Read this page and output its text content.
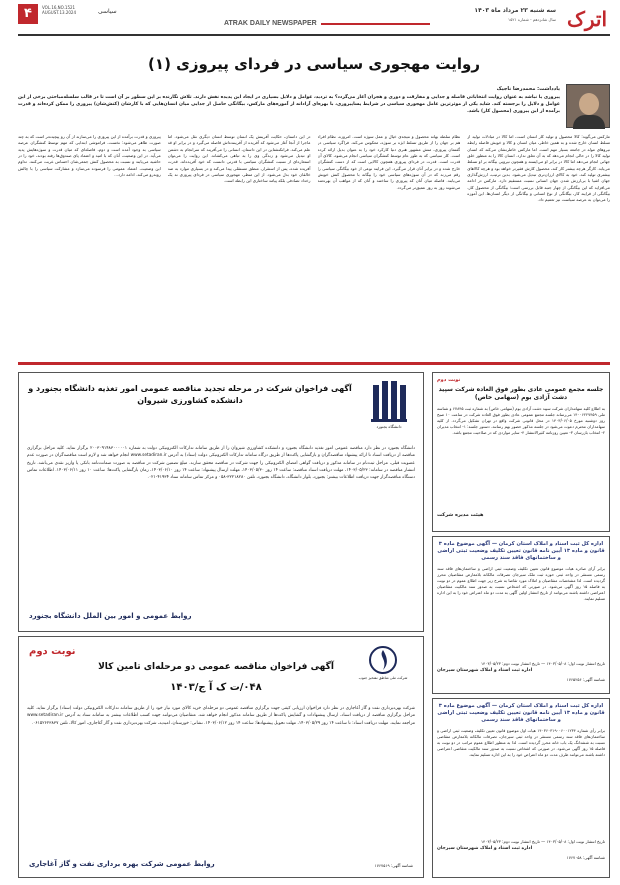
اترک
سه شنبه ۲۳ مرداد ماه ۱۴۰۳
سال شانزدهم - شماره ۱۵۲۱
ATRAK DAILY NEWSPAPER
سیاسی
VOL.16,NO.1521
AUGUST.13.2024
۴
روایت مهجوری سیاسی در فردای پیروزی (۱)
یادداشت: محمدرضا ناجیک
پیروزی یا نباشد به عنوان روایت انتخاباتی فاصله و جدایی و مفارقت و دوری و هجران آغاز می‌گردد؟ به تردید، عوامل و دلایل بسیاری در ایجاد این پدیده نقش دارند. تلاش نگارنده بر این سطور بر آن است تا در قالب سلسله‌مباحثی برخی از این عوامل و دلایل را برجسته کند. شاید یکی از موثرترین عامل مهجوری سیاسی در شرایط پساپیروزی، با بهره‌ای آزادانه از آموزه‌های مارکس، بیگانگی حاصل از جدایی میان انسان‌هایی که با کارشان (کنش‌شان) پیروزی را ممکن کرده‌اند و قدرت برآمده از این پیروزی (محصول کار) باشد.
مارکس می‌گوید: کالا محصول و تولید کار انسان است، اما کالا در مبادلات تولید از تسلط انسان خارج شده و به همین خاطر، میان انسان و کالا و خویش فاصله رابطه نیروهای مولد در جامعه بسیار مهم است. اما مارکس خاطرنشان می‌کند که انسان تولید کالا را در حالی انجام می‌دهد که به آن تعلق ندارد. انسان کالا را به منظور خلق جهانی انجام می‌دهد اما کالا در برابر او می‌ایستد و همچون نیرویی بیگانه بر او تسلط می‌یابد. کارگر هرچه بیشتر کار کند، محصول کارش فقیرتر خواهد بود و هرچه کالاهای بیشتری تولید کند، خود به کالای ارزان‌تری تبدیل می‌شود. بدین ترتیب، ارزش‌گذاری جهان اشیا با بی‌ارزش شدن جهان انسانی نسبت مستقیم دارد. مارکس در ادامه می‌افزاید که این بیگانگی از چهار جنبه قابل بررسی است؛ بیگانگی از محصول کار، بیگانگی از فرایند کار، بیگانگی از نوع انسانی و بیگانگی از دیگر انسان‌ها. این آموزه را می‌توان به عرصه سیاست نیز تعمیم داد.
نظام سلطه بهانه محصول و نتیجه‌ی خیال و عمل سوژه است. امروزه، نظام افراد هم بر جهان را از طریق تسلط ابژه بر سوژه، معکوس می‌کند. فراگرد سیاسی در گفتمان پیروزی، منش مشهور هنری دنیا کارکرد خود را به عنوان بدیل ارائه کرده است. کار سیاسی که به طور عام توسط کنشگران سیاسی انجام می‌شود، کالای آن قدرت است. قدرت در فردای پیروزی همچون کالایی است که از دست کنشگران خارج شده و در برابر آنان قرار می‌گیرد. این فرایند نوعی از خود بیگانگی سیاسی را رقم می‌زند که در آن سوژه‌های سیاسی خود را بیگانه با محصول کنش خویش می‌یابند. فاصله میان آنان که پیروزی را ساختند و آنان که از مواهب آن بهره‌مند می‌شوند روز به روز عمیق‌تر می‌گردد.
در این داستان، حکایت آفرینش یک انسان توسط انسان دیگری نقل می‌شود. اما ماجرا از آنجا آغاز می‌شود که آفریده از آفریننده‌اش فاصله می‌گیرد و در برابر او قد علم می‌کند. فرانکنشتاین در این داستان، انسانی را می‌آفریند که سرانجام به دشمن او تبدیل می‌شود و زندگی وی را به تباهی می‌کشاند. این روایت را می‌توان استعاره‌ای از نسبت کنشگران سیاسی با قدرتی دانست که خود آفریده‌اند. قدرت آفریده شده، پس از استقرار، منطق مستقلی پیدا می‌کند و در بسیاری موارد به ضد خالقان خود بدل می‌شود. از این منظر، مهجوری سیاسی در فردای پیروزی نه یک رخداد تصادفی بلکه پیامد ساختاری این رابطه است.
پیروزی و قدرت برآمده از این پیروزی را می‌سازند از آن رو پیچیده‌تر است که به چند صورت ظاهر می‌شود: نخست، فراموشی ابتدایی که مهم توسط کنشگران عرصه سیاسی به وجود آمده است و دوم، فاصله‌ای که میان قدرت و سوژه‌هایش پدید می‌آید. در این وضعیت، آنان که با امید و اعتماد پای صندوق‌ها رفته بودند، خود را در حاشیه می‌یابند و نسبت به محصول کنش جمعی‌شان احساس غربت می‌کنند. تداوم این وضعیت، اعتماد عمومی را فرسوده می‌سازد و مشارکت سیاسی را با چالش روبه‌رو می‌کند. ادامه دارد...
نوبت دوم
جلسه مجمع عمومی عادی بطور فوق العاده شرکت سپید دشت آزادی بوم (سهامی خاص)
به اطلاع کلیه سهامداران شرکت سپید دشت آزادی بوم (سهامی خاص) به شماره ثبت ۶۷۸۴۵ و شناسه ملی ۱۴۰۰۶۲۲۷۴۵۹ می‌رساند جلسه مجمع عمومی عادی بطور فوق العاده شرکت در ساعت ۱۰ صبح روز دوشنبه مورخ ۱۴۰۳/۰۶/۰۵ در محل قانونی شرکت واقع در تهران تشکیل می‌گردد. از کلیه سهامداران محترم دعوت می‌شود در جلسه مذکور حضور بهم رسانند. دستور جلسه: ۱- انتخاب مدیران ۲- انتخاب بازرسان ۳- تعیین روزنامه کثیرالانتشار ۴- سایر مواردی که در صلاحیت مجمع باشد.
هیئت مدیره شرکت
اداره کل ثبت اسناد و املاک استان کرمان — آگهی موضوع ماده ۳ قانون و ماده ۱۳ آیین نامه قانون تعیین تکلیف وضعیت ثبتی اراضی و ساختمانهای فاقد سند رسمی
برابر آرای صادره هیات موضوع قانون تعیین تکلیف وضعیت ثبتی اراضی و ساختمان‌های فاقد سند رسمی مستقر در واحد ثبتی حوزه ثبت ملک سیرجان تصرفات مالکانه بلامعارض متقاضیان محرز گردیده است. لذا مشخصات متقاضیان و املاک مورد تقاضا به شرح زیر جهت اطلاع عموم در دو نوبت به فاصله ۱۵ روز آگهی می‌شود. در صورتی که اشخاص نسبت به صدور سند مالکیت متقاضیان اعتراضی داشته باشند می‌توانند از تاریخ انتشار اولین آگهی به مدت دو ماه اعتراض خود را به این اداره تسلیم نمایند.
تاریخ انتشار نوبت اول: ۱۴۰۳/۰۵/۰۸ — تاریخ انتشار نوبت دوم: ۱۴۰۳/۰۵/۲۳
اداره ثبت اسناد و املاک شهرستان سیرجان
شناسه آگهی: ۱۷۶۵۲۵۶
اداره کل ثبت اسناد و املاک استان کرمان — آگهی موضوع ماده ۳ قانون و ماده ۱۳ آیین نامه قانون تعیین تکلیف وضعیت ثبتی اراضی و ساختمانهای فاقد سند رسمی
برابر رأی شماره ۱۴۰۳۶۰۳۱۹۰۰۶۰۰۱۲۳۴ هیات اول موضوع قانون تعیین تکلیف وضعیت ثبتی اراضی و ساختمان‌های فاقد سند رسمی مستقر در واحد ثبتی سیرجان، تصرفات مالکانه بلامعارض متقاضی نسبت به ششدانگ یک باب خانه محرز گردیده است. لذا به منظور اطلاع عموم مراتب در دو نوبت به فاصله ۱۵ روز آگهی می‌شود. در صورتی که اشخاص نسبت به صدور سند مالکیت متقاضی اعتراضی داشته باشند می‌توانند ظرف مدت دو ماه اعتراض خود را به این اداره تسلیم نمایند.
تاریخ انتشار نوبت اول: ۱۴۰۳/۰۵/۰۸ — تاریخ انتشار نوبت دوم: ۱۴۰۳/۰۵/۲۳
اداره ثبت اسناد و املاک شهرستان سیرجان
شناسه آگهی: ۱۷۶۷۰۵۸
دانشگاه بجنورد
آگهی فراخوان شرکت در مرحله تجدید مناقصه عمومی امور تغذیه دانشگاه بجنورد و دانشکده کشاورزی شیروان
دانشگاه بجنورد در نظر دارد مناقصه عمومی امور تغذیه دانشگاه بجنورد و دانشکده کشاورزی شیروان را از طریق سامانه تدارکات الکترونیکی دولت به شماره ۲۰۰۳۰۹۱۴۸۳۰۰۰۰۰۱ برگزار نماید. کلیه مراحل برگزاری مناقصه از دریافت اسناد تا ارائه پیشنهاد مناقصه‌گران و بازگشایی پاکت‌ها از طریق درگاه سامانه تدارکات الکترونیکی دولت (ستاد) به آدرس www.setadiran.ir انجام خواهد شد و لازم است مناقصه‌گران در صورت عدم عضویت قبلی، مراحل ثبت‌نام در سامانه مذکور و دریافت گواهی امضای الکترونیکی را جهت شرکت در مناقصه محقق سازند. مبلغ تضمین شرکت در مناقصه به صورت ضمانت‌نامه بانکی یا واریز نقدی می‌باشد. تاریخ انتشار مناقصه در سامانه: ۱۴۰۳/۰۵/۲۳، مهلت دریافت اسناد مناقصه: ساعت ۱۴ روز ۱۴۰۳/۰۵/۳۰، مهلت ارسال پیشنهاد: ساعت ۱۴ روز ۱۴۰۳/۰۶/۱۰، زمان بازگشایی پاکت‌ها: ساعت ۱۰ روز ۱۴۰۳/۰۶/۱۱. اطلاعات تماس دستگاه مناقصه‌گزار جهت دریافت اطلاعات بیشتر: بجنورد، بلوار دانشگاه، دانشگاه بجنورد، تلفن ۳۲۲۱۸۲۸۰-۰۵۸ و مرکز تماس سامانه ستاد ۴۱۹۳۴-۰۲۱.
روابط عمومی و امور بین الملل دانشگاه بجنورد
نوبت دوم
شرکت ملی مناطق نفتخیز جنوب
آگهی فراخوان مناقصه عمومی دو مرحله‌ای تامین کالا
۰۴۸/ت ک آ ج/۱۴۰۳
شرکت بهره‌برداری نفت و گاز آغاجاری در نظر دارد فراخوان ارزیابی کیفی جهت برگزاری مناقصه عمومی دو مرحله‌ای خرید کالای مورد نیاز خود را از طریق سامانه تدارکات الکترونیکی دولت (ستاد) برگزار نماید. کلیه مراحل برگزاری مناقصه از دریافت اسناد، ارسال پیشنهادات و گشایش پاکت‌ها از طریق سامانه مذکور انجام خواهد شد. متقاضیان می‌توانند جهت کسب اطلاعات بیشتر به سامانه ستاد به آدرس www.setadiran.ir مراجعه نمایند. مهلت دریافت اسناد: تا ساعت ۱۴ روز ۱۴۰۳/۰۵/۲۹، مهلت تحویل پیشنهادها: ساعت ۱۴ روز ۱۴۰۳/۰۶/۱۲. نشانی: خوزستان، امیدیه، شرکت بهره‌برداری نفت و گاز آغاجاری، امور کالا، تلفن ۰۶۱۵۲۶۲۳۸۳۷.
روابط عمومی شرکت بهره برداری نفت و گاز آغاجاری	شناسه آگهی: ۱۷۶۷۵۱۹
